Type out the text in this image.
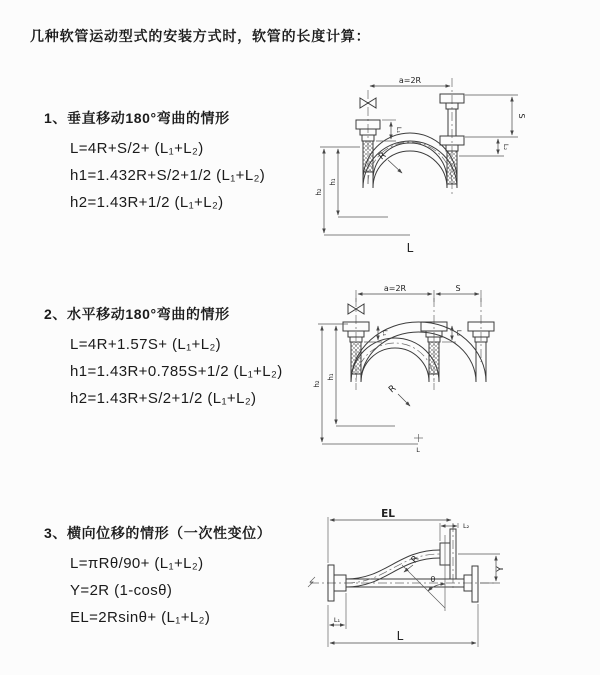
几种软管运动型式的安装方式时，软管的长度计算：
1、垂直移动180°弯曲的情形
L=4R+S/2+ (L₁+L₂)
h1=1.432R+S/2+1/2 (L₁+L₂)
h2=1.43R+1/2 (L₁+L₂)
2、水平移动180°弯曲的情形
L=4R+1.57S+ (L₁+L₂)
h1=1.43R+0.785S+1/2 (L₁+L₂)
h2=1.43R+S/2+1/2 (L₁+L₂)
3、横向位移的情形（一次性变位）
L=πRθ/90+ (L₁+L₂)
Y=2R (1-cosθ)
EL=2Rsinθ+ (L₁+L₂)
a=2R
S
L₂
L₁
h₂
h₁
R
L
a=2R	S
h₂
h₁
L₁	L₂
R
L
EL
L₂
Y
θ
R
L₁
L
